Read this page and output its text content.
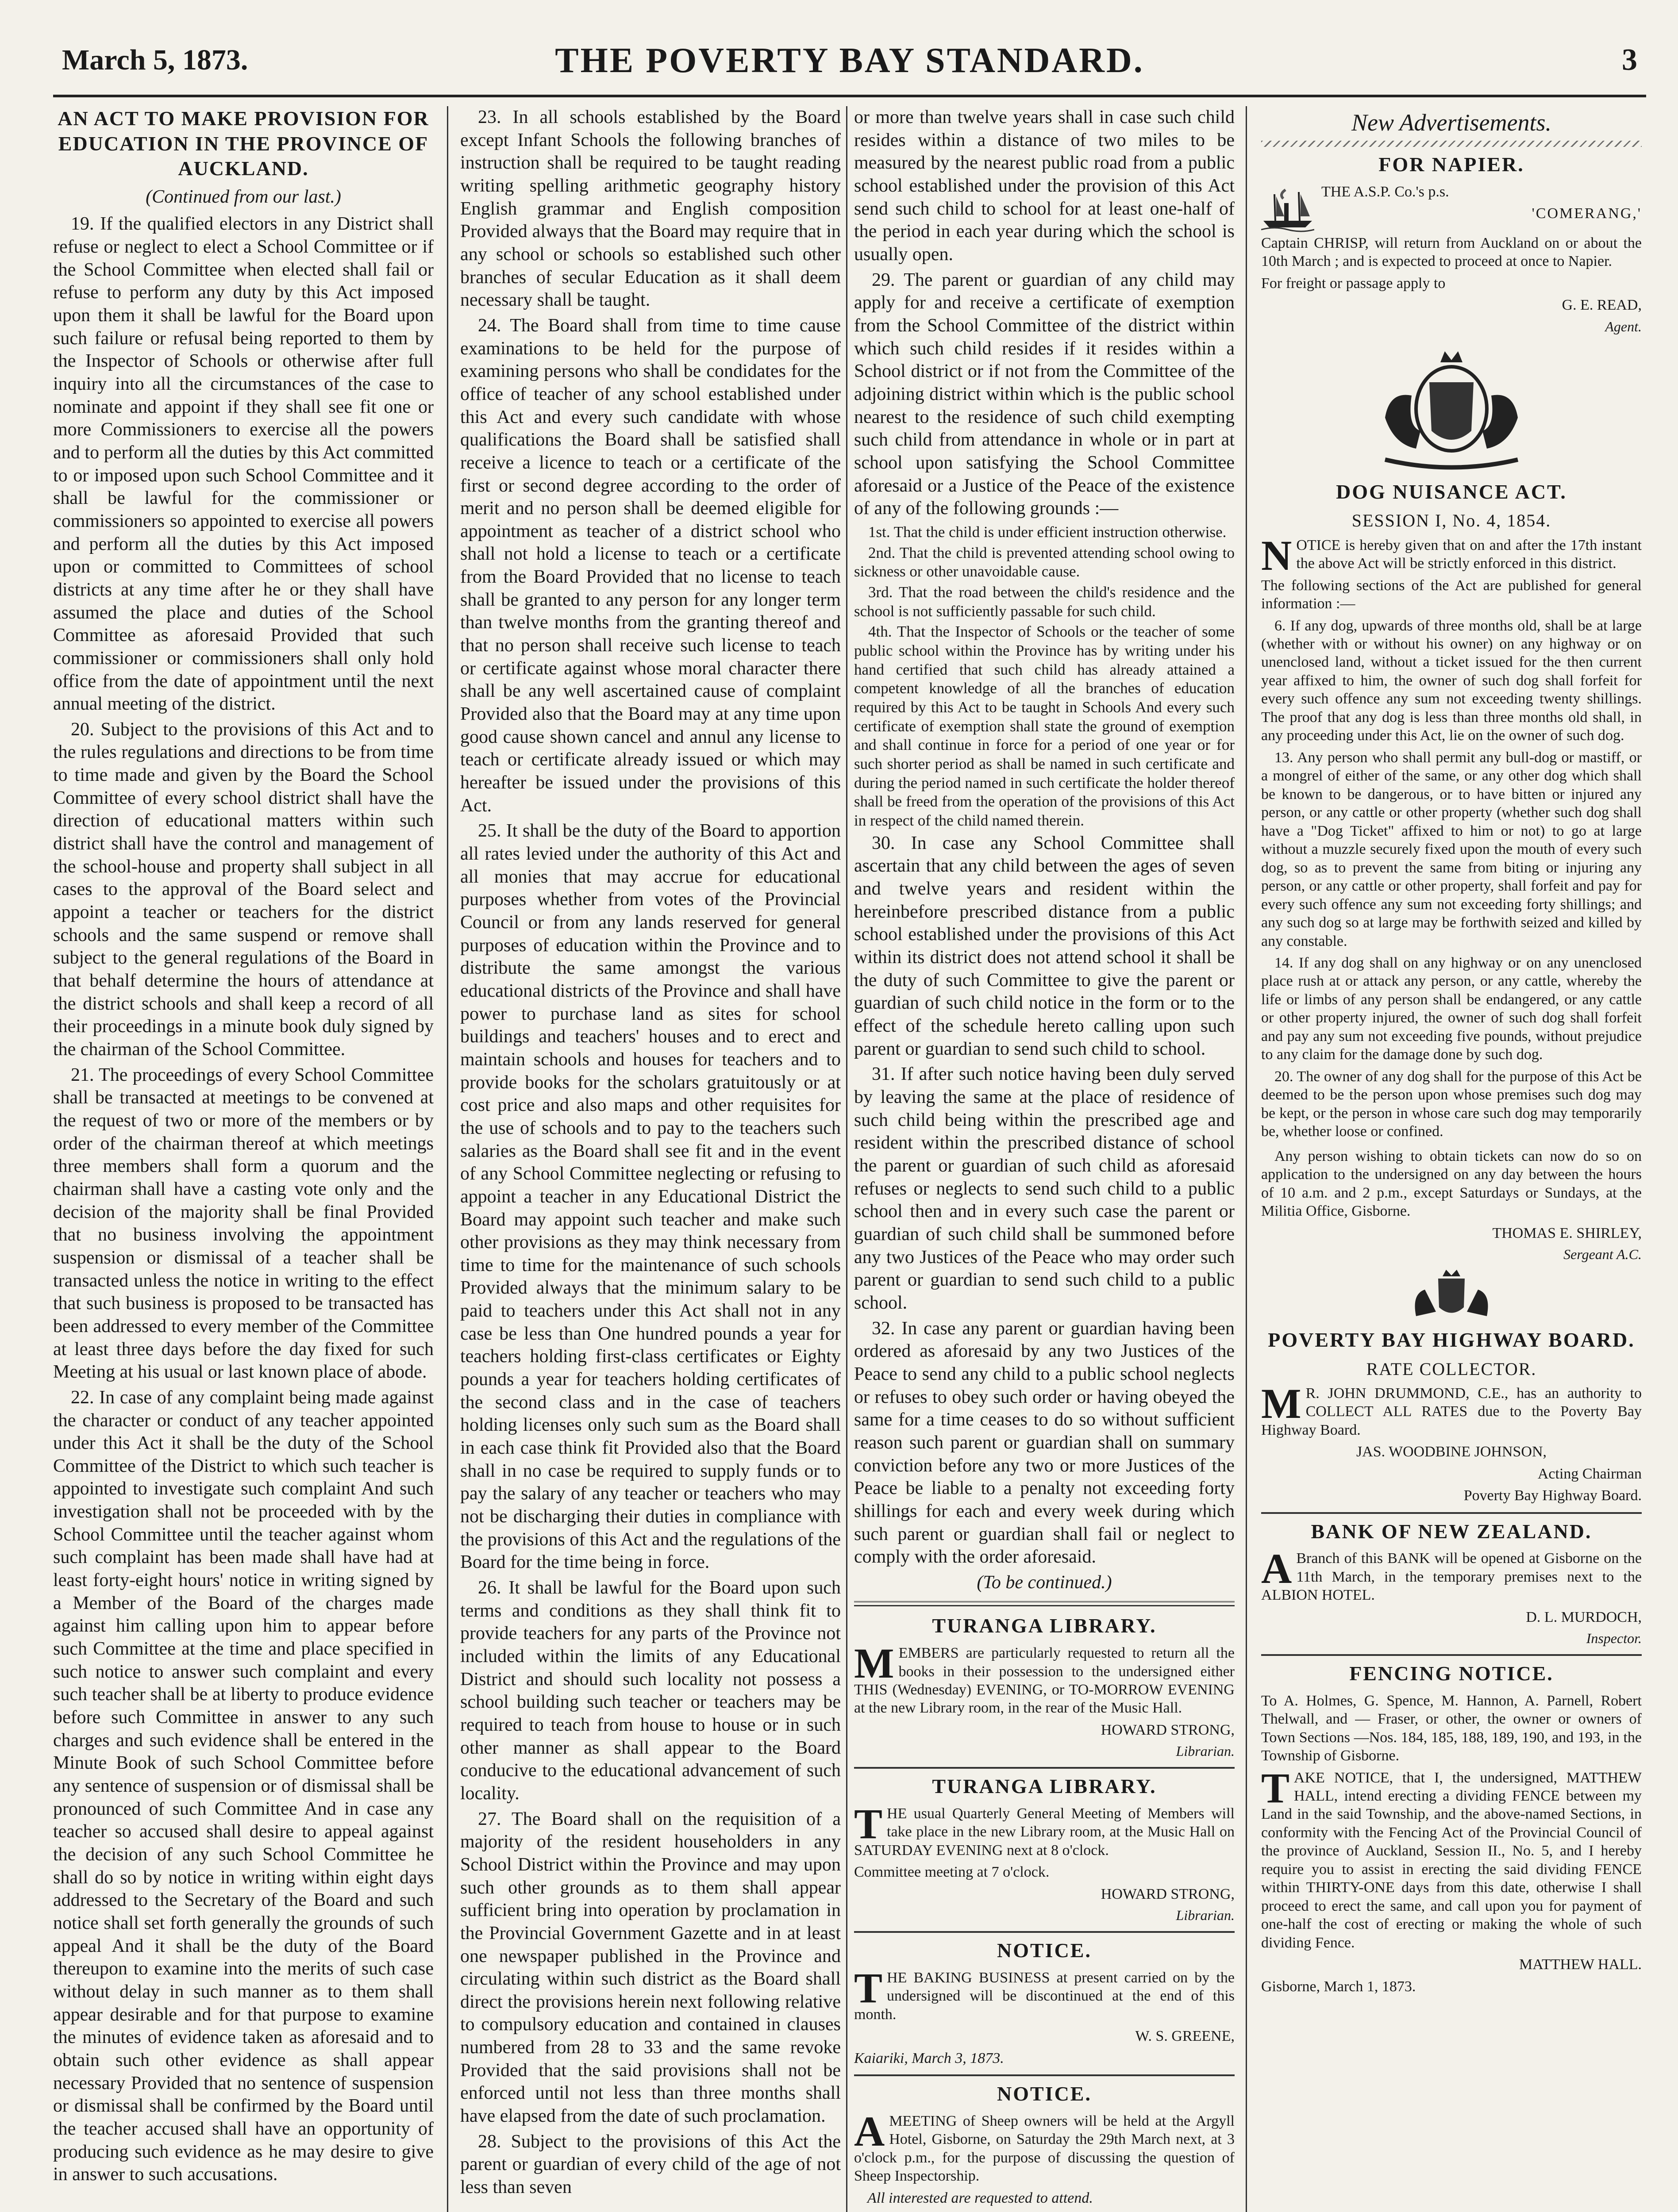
March 5, 1873.	THE POVERTY BAY STANDARD.	3
AN ACT TO MAKE PROVISION FOR EDUCATION IN THE PROVINCE OF AUCKLAND.
(Continued from our last.)

19. If the qualified electors in any District shall refuse or neglect to elect a School Committee or if the School Committee when elected shall fail or refuse to perform any duty by this Act imposed upon them it shall be lawful for the Board upon such failure or refusal being reported to them by the Inspector of Schools or otherwise after full inquiry into all the circumstances of the case to nominate and appoint if they shall see fit one or more Commissioners to exercise all the powers and to perform all the duties by this Act committed to or imposed upon such School Committee and it shall be lawful for the commissioner or commissioners so appointed to exercise all powers and perform all the duties by this Act imposed upon or committed to Committees of school districts at any time after he or they shall have assumed the place and duties of the School Committee as aforesaid Provided that such commissioner or commissioners shall only hold office from the date of appointment until the next annual meeting of the district.

20. Subject to the provisions of this Act and to the rules regulations and directions to be from time to time made and given by the Board the School Committee of every school district shall have the direction of educational matters within such district shall have the control and management of the school-house and property shall subject in all cases to the approval of the Board select and appoint a teacher or teachers for the district schools and the same suspend or remove shall subject to the general regulations of the Board in that behalf determine the hours of attendance at the district schools and shall keep a record of all their proceedings in a minute book duly signed by the chairman of the School Committee.

21. The proceedings of every School Committee shall be transacted at meetings to be convened at the request of two or more of the members or by order of the chairman thereof at which meetings three members shall form a quorum and the chairman shall have a casting vote only and the decision of the majority shall be final Provided that no business involving the appointment suspension or dismissal of a teacher shall be transacted unless the notice in writing to the effect that such business is proposed to be transacted has been addressed to every member of the Committee at least three days before the day fixed for such Meeting at his usual or last known place of abode.

22. In case of any complaint being made against the character or conduct of any teacher appointed under this Act it shall be the duty of the School Committee of the District to which such teacher is appointed to investigate such complaint And such investigation shall not be proceeded with by the School Committee until the teacher against whom such complaint has been made shall have had at least forty-eight hours' notice in writing signed by a Member of the Board of the charges made against him calling upon him to appear before such Committee at the time and place specified in such notice to answer such complaint and every such teacher shall be at liberty to produce evidence before such Committee in answer to any such charges and such evidence shall be entered in the Minute Book of such School Committee before any sentence of suspension or of dismissal shall be pronounced of such Committee And in case any teacher so accused shall desire to appeal against the decision of any such School Committee he shall do so by notice in writing within eight days addressed to the Secretary of the Board and such notice shall set forth generally the grounds of such appeal And it shall be the duty of the Board thereupon to examine into the merits of such case without delay in such manner as to them shall appear desirable and for that purpose to examine the minutes of evidence taken as aforesaid and to obtain such other evidence as shall appear necessary Provided that no sentence of suspension or dismissal shall be confirmed by the Board until the teacher accused shall have an opportunity of producing such evidence as he may desire to give in answer to such accusations.

23. In all schools established by the Board except Infant Schools the following branches of instruction shall be required to be taught reading writing spelling arithmetic geography history English grammar and English composition Provided always that the Board may require that in any school or schools so established such other branches of secular Education as it shall deem necessary shall be taught.

24. The Board shall from time to time cause examinations to be held for the purpose of examining persons who shall be condidates for the office of teacher of any school established under this Act and every such candidate with whose qualifications the Board shall be satisfied shall receive a licence to teach or a certificate of the first or second degree according to the order of merit and no person shall be deemed eligible for appointment as teacher of a district school who shall not hold a license to teach or a certificate from the Board Provided that no license to teach shall be granted to any person for any longer term than twelve months from the granting thereof and that no person shall receive such license to teach or certificate against whose moral character there shall be any well ascertained cause of complaint Provided also that the Board may at any time upon good cause shown cancel and annul any license to teach or certificate already issued or which may hereafter be issued under the provisions of this Act.

25. It shall be the duty of the Board to apportion all rates levied under the authority of this Act and all monies that may accrue for educational purposes whether from votes of the Provincial Council or from any lands reserved for general purposes of education within the Province and to distribute the same amongst the various educational districts of the Province and shall have power to purchase land as sites for school buildings and teachers' houses and to erect and maintain schools and houses for teachers and to provide books for the scholars gratuitously or at cost price and also maps and other requisites for the use of schools and to pay to the teachers such salaries as the Board shall see fit and in the event of any School Committee neglecting or refusing to appoint a teacher in any Educational District the Board may appoint such teacher and make such other provisions as they may think necessary from time to time for the maintenance of such schools Provided always that the minimum salary to be paid to teachers under this Act shall not in any case be less than One hundred pounds a year for teachers holding first-class certificates or Eighty pounds a year for teachers holding certificates of the second class and in the case of teachers holding licenses only such sum as the Board shall in each case think fit Provided also that the Board shall in no case be required to supply funds or to pay the salary of any teacher or teachers who may not be discharging their duties in compliance with the provisions of this Act and the regulations of the Board for the time being in force.

26. It shall be lawful for the Board upon such terms and conditions as they shall think fit to provide teachers for any parts of the Province not included within the limits of any Educational District and should such locality not possess a school building such teacher or teachers may be required to teach from house to house or in such other manner as shall appear to the Board conducive to the educational advancement of such locality.

27. The Board shall on the requisition of a majority of the resident householders in any School District within the Province and may upon such other grounds as to them shall appear sufficient bring into operation by proclamation in the Provincial Government Gazette and in at least one newspaper published in the Province and circulating within such district as the Board shall direct the provisions herein next following relative to compulsory education and contained in clauses numbered from 28 to 33 and the same revoke Provided that the said provisions shall not be enforced until not less than three months shall have elapsed from the date of such proclamation.

28. Subject to the provisions of this Act the parent or guardian of every child of the age of not less than seven

or more than twelve years shall in case such child resides within a distance of two miles to be measured by the nearest public road from a public school established under the provision of this Act send such child to school for at least one-half of the period in each year during which the school is usually open.

29. The parent or guardian of any child may apply for and receive a certificate of exemption from the School Committee of the district within which such child resides if it resides within a School district or if not from the Committee of the adjoining district within which is the public school nearest to the residence of such child exempting such child from attendance in whole or in part at school upon satisfying the School Committee aforesaid or a Justice of the Peace of the existence of any of the following grounds :—

1st. That the child is under efficient instruction otherwise.

2nd. That the child is prevented attending school owing to sickness or other unavoidable cause.

3rd. That the road between the child's residence and the school is not sufficiently passable for such child.

4th. That the Inspector of Schools or the teacher of some public school within the Province has by writing under his hand certified that such child has already attained a competent knowledge of all the branches of education required by this Act to be taught in Schools And every such certificate of exemption shall state the ground of exemption and shall continue in force for a period of one year or for such shorter period as shall be named in such certificate and during the period named in such certificate the holder thereof shall be freed from the operation of the provisions of this Act in respect of the child named therein.

30. In case any School Committee shall ascertain that any child between the ages of seven and twelve years and resident within the hereinbefore prescribed distance from a public school established under the provisions of this Act within its district does not attend school it shall be the duty of such Committee to give the parent or guardian of such child notice in the form or to the effect of the schedule hereto calling upon such parent or guardian to send such child to school.

31. If after such notice having been duly served by leaving the same at the place of residence of such child being within the prescribed age and resident within the prescribed distance of school the parent or guardian of such child as aforesaid refuses or neglects to send such child to a public school then and in every such case the parent or guardian of such child shall be summoned before any two Justices of the Peace who may order such parent or guardian to send such child to a public school.

32. In case any parent or guardian having been ordered as aforesaid by any two Justices of the Peace to send any child to a public school neglects or refuses to obey such order or having obeyed the same for a time ceases to do so without sufficient reason such parent or guardian shall on summary conviction before any two or more Justices of the Peace be liable to a penalty not exceeding forty shillings for each and every week during which such parent or guardian shall fail or neglect to comply with the order aforesaid.

(To be continued.)
TURANGA LIBRARY.

MEMBERS are particularly requested to return all the books in their possession to the undersigned either THIS (Wednesday) EVENING, or TO-MORROW EVENING at the new Library room, in the rear of the Music Hall.

HOWARD STRONG,

Librarian.

TURANGA LIBRARY.

THE usual Quarterly General Meeting of Members will take place in the new Library room, at the Music Hall on SATURDAY EVENING next at 8 o'clock.

Committee meeting at 7 o'clock.

HOWARD STRONG,

Librarian.

NOTICE.

THE BAKING BUSINESS at present carried on by the undersigned will be discontinued at the end of this month.

W. S. GREENE,

Kaiariki, March 3, 1873.

NOTICE.

AMEETING of Sheep owners will be held at the Argyll Hotel, Gisborne, on Saturday the 29th March next, at 3 o'clock p.m., for the purpose of discussing the question of Sheep Inspectorship.

All interested are requested to attend.

New Advertisements.
FOR NAPIER.

THE A.S.P. Co.'s p.s.

'COMERANG,'

Captain CHRISP, will return from Auckland on or about the 10th March ; and is expected to proceed at once to Napier.

For freight or passage apply to

G. E. READ,

Agent.

DOG NUISANCE ACT.
SESSION I, No. 4, 1854.

NOTICE is hereby given that on and after the 17th instant the above Act will be strictly enforced in this district.

The following sections of the Act are published for general information :—

6. If any dog, upwards of three months old, shall be at large (whether with or without his owner) on any highway or on unenclosed land, without a ticket issued for the then current year affixed to him, the owner of such dog shall forfeit for every such offence any sum not exceeding twenty shillings. The proof that any dog is less than three months old shall, in any proceeding under this Act, lie on the owner of such dog.

13. Any person who shall permit any bull-dog or mastiff, or a mongrel of either of the same, or any other dog which shall be known to be dangerous, or to have bitten or injured any person, or any cattle or other property (whether such dog shall have a "Dog Ticket" affixed to him or not) to go at large without a muzzle securely fixed upon the mouth of every such dog, so as to prevent the same from biting or injuring any person, or any cattle or other property, shall forfeit and pay for every such offence any sum not exceeding forty shillings; and any such dog so at large may be forthwith seized and killed by any constable.

14. If any dog shall on any highway or on any unenclosed place rush at or attack any person, or any cattle, whereby the life or limbs of any person shall be endangered, or any cattle or other property injured, the owner of such dog shall forfeit and pay any sum not exceeding five pounds, without prejudice to any claim for the damage done by such dog.

20. The owner of any dog shall for the purpose of this Act be deemed to be the person upon whose premises such dog may be kept, or the person in whose care such dog may temporarily be, whether loose or confined.

Any person wishing to obtain tickets can now do so on application to the undersigned on any day between the hours of 10 a.m. and 2 p.m., except Saturdays or Sundays, at the Militia Office, Gisborne.

THOMAS E. SHIRLEY,

Sergeant A.C.

POVERTY BAY HIGHWAY BOARD.
RATE COLLECTOR.

MR. JOHN DRUMMOND, C.E., has an authority to COLLECT ALL RATES due to the Poverty Bay Highway Board.

JAS. WOODBINE JOHNSON,

Acting Chairman

Poverty Bay Highway Board.

BANK OF NEW ZEALAND.

ABranch of this BANK will be opened at Gisborne on the 11th March, in the temporary premises next to the ALBION HOTEL.

D. L. MURDOCH,

Inspector.

FENCING NOTICE.

To A. Holmes, G. Spence, M. Hannon, A. Parnell, Robert Thelwall, and — Fraser, or other, the owner or owners of Town Sections —Nos. 184, 185, 188, 189, 190, and 193, in the Township of Gisborne.

TAKE NOTICE, that I, the undersigned, MATTHEW HALL, intend erecting a dividing FENCE between my Land in the said Township, and the above-named Sections, in conformity with the Fencing Act of the Provincial Council of the province of Auckland, Session II., No. 5, and I hereby require you to assist in erecting the said dividing FENCE within THIRTY-ONE days from this date, otherwise I shall proceed to erect the same, and call upon you for payment of one-half the cost of erecting or making the whole of such dividing Fence.

MATTHEW HALL.

Gisborne, March 1, 1873.
